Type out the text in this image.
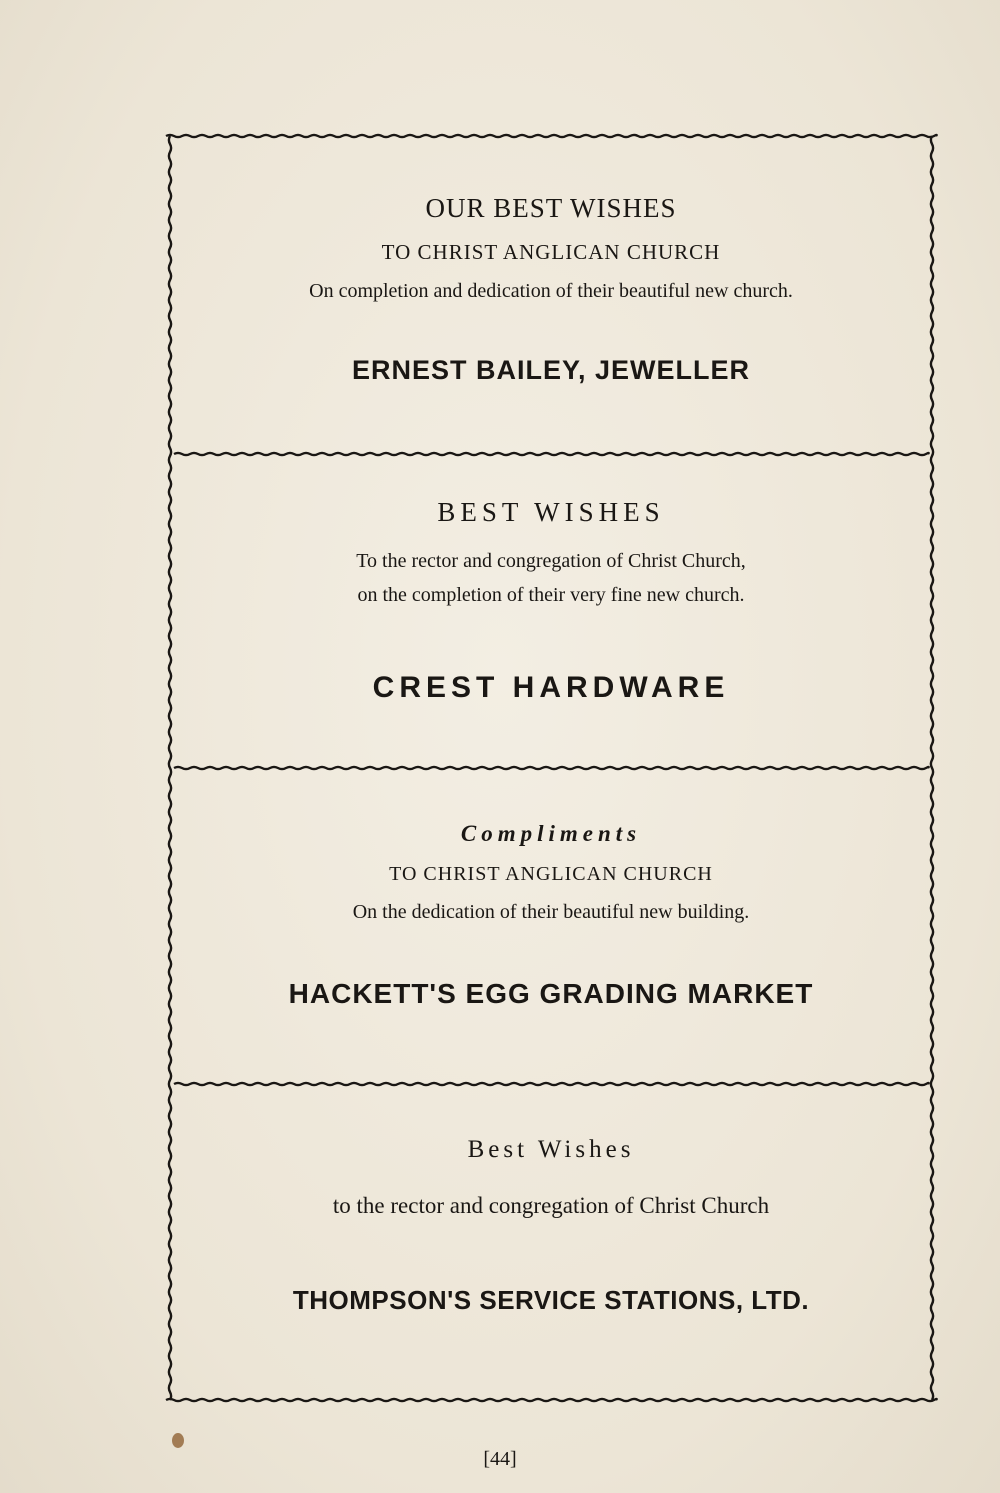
OUR BEST WISHES
TO CHRIST ANGLICAN CHURCH
On completion and dedication of their beautiful new church.
ERNEST BAILEY, JEWELLER
BEST WISHES
To the rector and congregation of Christ Church,
on the completion of their very fine new church.
CREST HARDWARE
Compliments
TO CHRIST ANGLICAN CHURCH
On the dedication of their beautiful new building.
HACKETT'S EGG GRADING MARKET
Best Wishes
to the rector and congregation of Christ Church
THOMPSON'S SERVICE STATIONS, LTD.
[44]
